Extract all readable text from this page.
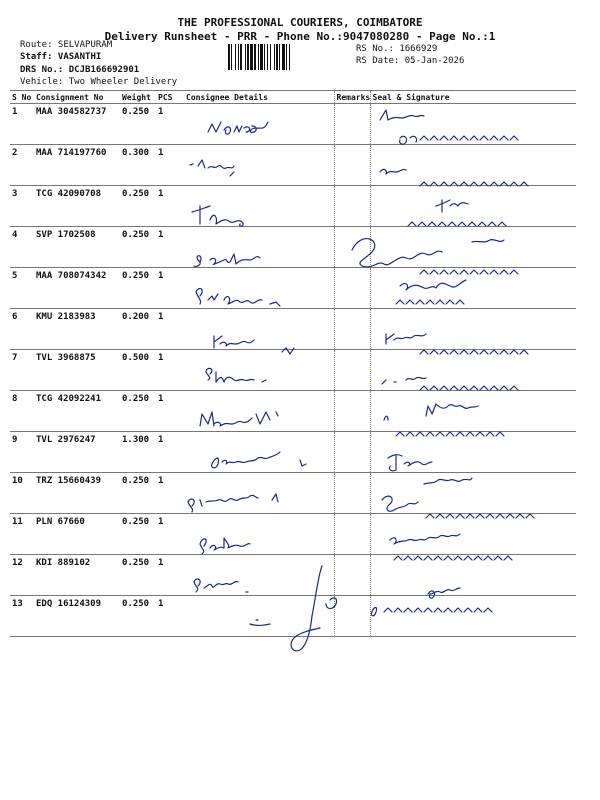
THE PROFESSIONAL COURIERS, COIMBATORE
Delivery Runsheet - PRR - Phone No.:9047080280 - Page No.:1
Route: SELVAPURAM
Staff: VASANTHI
DRS No.: DCJB166692901
Vehicle: Two Wheeler Delivery
RS No.: 1666929
RS Date: 05-Jan-2026
S No	Consignment No	Weight	PCS	Consignee Details	Remarks	Seal & Signature
1	MAA 304582737	0.250	1			
2	MAA 714197760	0.300	1			
3	TCG 42090708	0.250	1			
4	SVP 1702508	0.250	1			
5	MAA 708074342	0.250	1			
6	KMU 2183983	0.200	1			
7	TVL 3968875	0.500	1			
8	TCG 42092241	0.250	1			
9	TVL 2976247	1.300	1			
10	TRZ 15660439	0.250	1			
11	PLN 67660	0.250	1			
12	KDI 889102	0.250	1			
13	EDQ 16124309	0.250	1			
